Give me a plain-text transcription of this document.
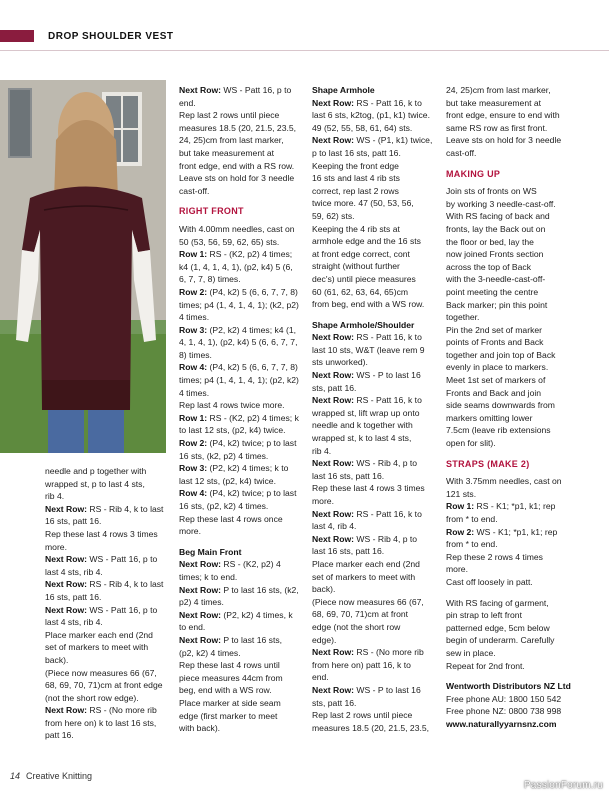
DROP SHOULDER VEST

needle and p together with

wrapped st, p to last 4 sts,

rib 4.

Next Row: RS - Rib 4, k to last

16 sts, patt 16.

Rep these last 4 rows 3 times

more.

Next Row: WS - Patt 16, p to

last 4 sts, rib 4.

Next Row: RS - Rib 4, k to last

16 sts, patt 16.

Next Row: WS - Patt 16, p to

last 4 sts, rib 4.

Place marker each end (2nd

set of markers to meet with

back).

(Piece now measures 66 (67,

68, 69, 70, 71)cm at front edge

(not the short row edge).

Next Row: RS - (No more rib

from here on) k to last 16 sts,

patt 16.

Next Row: WS - Patt 16, p to

end.

Rep last 2 rows until piece

measures 18.5 (20, 21.5, 23.5,

24, 25)cm from last marker,

but take measurement at

front edge, end with a RS row.

Leave sts on hold for 3 needle

cast-off.

RIGHT FRONT

With 4.00mm needles, cast on

50 (53, 56, 59, 62, 65) sts.

Row 1: RS - (K2, p2) 4 times;

k4 (1, 4, 1, 4, 1), (p2, k4) 5 (6,

6, 7, 7, 8) times.

Row 2: (P4, k2) 5 (6, 6, 7, 7, 8)

times; p4 (1, 4, 1, 4, 1); (k2, p2)

4 times.

Row 3: (P2, k2) 4 times; k4 (1,

4, 1, 4, 1), (p2, k4) 5 (6, 6, 7, 7,

8) times.

Row 4: (P4, k2) 5 (6, 6, 7, 7, 8)

times; p4 (1, 4, 1, 4, 1); (p2, k2)

4 times.

Rep last 4 rows twice more.

Row 1: RS - (K2, p2) 4 times; k

to last 12 sts, (p2, k4) twice.

Row 2: (P4, k2) twice; p to last

16 sts, (k2, p2) 4 times.

Row 3: (P2, k2) 4 times; k to

last 12 sts, (p2, k4) twice.

Row 4: (P4, k2) twice; p to last

16 sts, (p2, k2) 4 times.

Rep these last 4 rows once

more.

Beg Main Front

Next Row: RS - (K2, p2) 4

times; k to end.

Next Row: P to last 16 sts, (k2,

p2) 4 times.

Next Row: (P2, k2) 4 times, k

to end.

Next Row: P to last 16 sts,

(p2, k2) 4 times.

Rep these last 4 rows until

piece measures 44cm from

beg, end with a WS row.

Place marker at side seam

edge (first marker to meet

with back).

Shape Armhole

Next Row: RS - Patt 16, k to

last 6 sts, k2tog, (p1, k1) twice.

49 (52, 55, 58, 61, 64) sts.

Next Row: WS - (P1, k1) twice,

p to last 16 sts, patt 16.

Keeping the front edge

16 sts and last 4 rib sts

correct, rep last 2 rows

twice more. 47 (50, 53, 56,

59, 62) sts.

Keeping the 4 rib sts at

armhole edge and the 16 sts

at front edge correct, cont

straight (without further

dec's) until piece measures

60 (61, 62, 63, 64, 65)cm

from beg, end with a WS row.

Shape Armhole/Shoulder

Next Row: RS - Patt 16, k to

last 10 sts, W&T (leave rem 9

sts unworked).

Next Row: WS - P to last 16

sts, patt 16.

Next Row: RS - Patt 16, k to

wrapped st, lift wrap up onto

needle and k together with

wrapped st, k to last 4 sts,

rib 4.

Next Row: WS - Rib 4, p to

last 16 sts, patt 16.

Rep these last 4 rows 3 times

more.

Next Row: RS - Patt 16, k to

last 4, rib 4.

Next Row: WS - Rib 4, p to

last 16 sts, patt 16.

Place marker each end (2nd

set of markers to meet with

back).

(Piece now measures 66 (67,

68, 69, 70, 71)cm at front

edge (not the short row

edge).

Next Row: RS - (No more rib

from here on) patt 16, k to

end.

Next Row: WS - P to last 16

sts, patt 16.

Rep last 2 rows until piece

measures 18.5 (20, 21.5, 23.5,

24, 25)cm from last marker,

but take measurement at

front edge, ensure to end with

same RS row as first front.

Leave sts on hold for 3 needle

cast-off.

MAKING UP

Join sts of fronts on WS

by working 3 needle-cast-off.

With RS facing of back and

fronts, lay the Back out on

the floor or bed, lay the

now joined Fronts section

across the top of Back

with the 3-needle-cast-off-

point meeting the centre

Back marker; pin this point

together.

Pin the 2nd set of marker

points of Fronts and Back

together and join top of Back

evenly in place to markers.

Meet 1st set of markers of

Fronts and Back and join

side seams downwards from

markers omitting lower

7.5cm (leave rib extensions

open for slit).

STRAPS (MAKE 2)

With 3.75mm needles, cast on

121 sts.

Row 1: RS - K1; *p1, k1; rep

from * to end.

Row 2: WS - K1; *p1, k1; rep

from * to end.

Rep these 2 rows 4 times

more.

Cast off loosely in patt.

With RS facing of garment,

pin strap to left front

patterned edge, 5cm below

begin of underarm. Carefully

sew in place.

Repeat for 2nd front.

Wentworth Distributors NZ Ltd

Free phone AU: 1800 150 542

Free phone NZ: 0800 738 998

www.naturallyyarnsnz.com

14 Creative Knitting
PassionForum.ru
